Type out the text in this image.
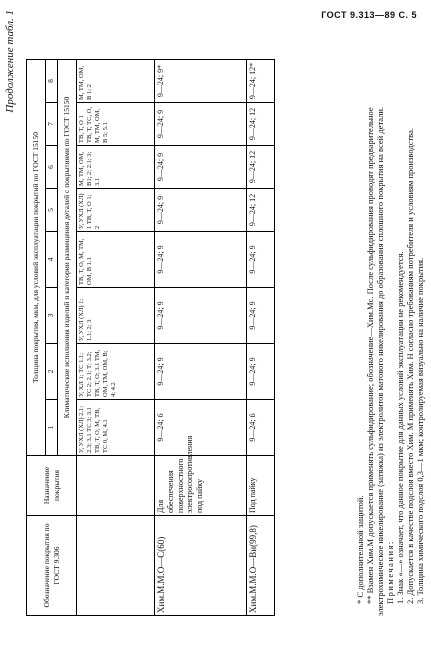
ГОСТ 9.313—89 С. 5
Продолжение табл. 1
Обозначение покрытия по ГОСТ 9.306	Назначение покрытия	Толщина покрытия, мкм, для условий эксплуатации покрытий по ГОСТ 15150							
		1	2	3	4	5	6	7	8
		Климатические исполнения изделий и категории размещения деталей с покрытиями по ГОСТ 15150							
		У, УХЛ (ХЛ) 2.1; 2.3; 3.1 ТС 3; 3.1 ТВ, Т, О, М, ТВ, ТС 0, М, 4.1	У, ХЛ 1; ТС 1.1; ТС 2; 2.1; Т; 3.2; ТВ, Т, О; 3.1 ТМ, ОМ, ТМ, ОМ, В; 4; 4.2	У, УХЛ (ХЛ) 1; 1.1; 2; 3	ТВ, Т, О, М, ТМ, ОМ, В 1.1	У, УХЛ (ХЛ) 1 ТВ, Т, О 1; 2	М, ТМ, ОМ, В1; 2; 2.1; 3; 3.1	ТВ, Т, О 1 ТВ, Т, ТС, О, М, ТМ, ОМ, В 5; 5.1	М, ТМ, ОМ, В 1; 2
Хим.М.М.О—С(60)	Для обеспечения поверхностного электросопротивления под пайку	9—24; 6	9—24; 9	9—24; 9	9—24; 9	9—24; 9	9—24; 9	9—24; 9	9—24; 9*
Хим.М.М.О—Ви(99,8)	Под пайку	9—24; 6	9—24; 9	9—24; 9	9—24; 9	9—24; 12	9—24; 12	9—24; 12	9—24; 12*

* С дополнительной защитой. ** Взамен Хим.М допускается применять сульфидирование; обозначение—Хим.Мс. После сульфидирования проводят предварительное электрохимическое никелирование (затяжка) из электролитов матового никелирования до образования сплошного покрытия на всей детали. Примечания: 1. Знак «—» означает, что данное покрытие для данных условий эксплуатации не рекомендуется. 2. Допускается в качестве подслоя вместо Хим. М применять Хим. Н согласно требованиям потребителя и условиям производства. 3. Толщина химического подслоя 0,3—1 мкм; контролируемая визуально на наличие покрытия.
